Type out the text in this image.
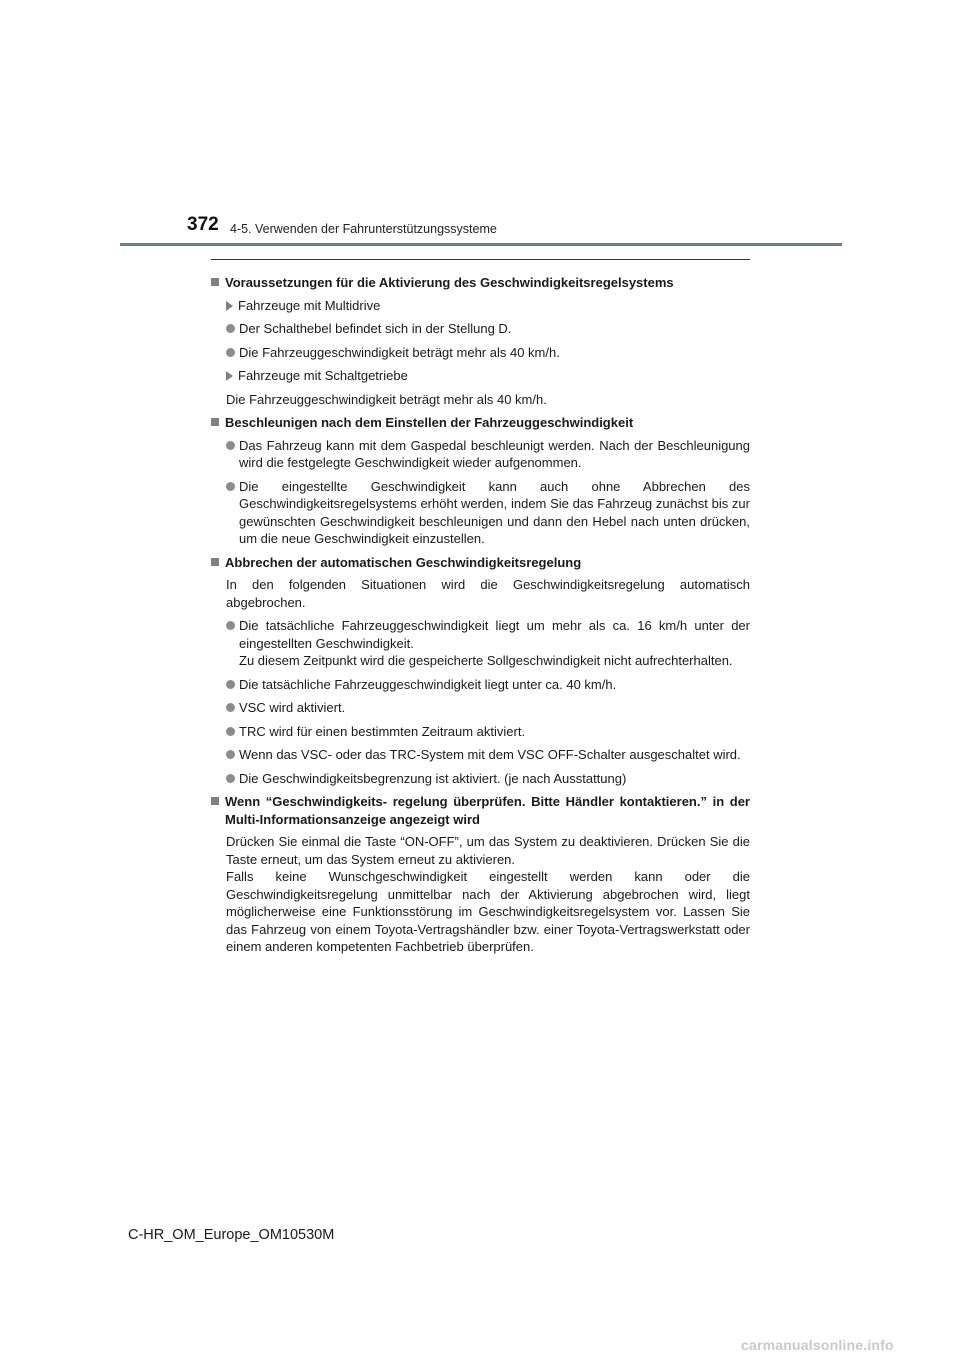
372 4-5. Verwenden der Fahrunterstützungssysteme
Voraussetzungen für die Aktivierung des Geschwindigkeitsregelsystems
Fahrzeuge mit Multidrive
Der Schalthebel befindet sich in der Stellung D.
Die Fahrzeuggeschwindigkeit beträgt mehr als 40 km/h.
Fahrzeuge mit Schaltgetriebe
Die Fahrzeuggeschwindigkeit beträgt mehr als 40 km/h.
Beschleunigen nach dem Einstellen der Fahrzeuggeschwindigkeit
Das Fahrzeug kann mit dem Gaspedal beschleunigt werden. Nach der Beschleunigung wird die festgelegte Geschwindigkeit wieder aufgenommen.
Die eingestellte Geschwindigkeit kann auch ohne Abbrechen des Geschwindigkeitsregelsystems erhöht werden, indem Sie das Fahrzeug zunächst bis zur gewünschten Geschwindigkeit beschleunigen und dann den Hebel nach unten drücken, um die neue Geschwindigkeit einzustellen.
Abbrechen der automatischen Geschwindigkeitsregelung
In den folgenden Situationen wird die Geschwindigkeitsregelung automatisch abgebrochen.
Die tatsächliche Fahrzeuggeschwindigkeit liegt um mehr als ca. 16 km/h unter der eingestellten Geschwindigkeit.
Zu diesem Zeitpunkt wird die gespeicherte Sollgeschwindigkeit nicht aufrechterhalten.
Die tatsächliche Fahrzeuggeschwindigkeit liegt unter ca. 40 km/h.
VSC wird aktiviert.
TRC wird für einen bestimmten Zeitraum aktiviert.
Wenn das VSC- oder das TRC-System mit dem VSC OFF-Schalter ausgeschaltet wird.
Die Geschwindigkeitsbegrenzung ist aktiviert. (je nach Ausstattung)
Wenn “Geschwindigkeits- regelung überprüfen. Bitte Händler kontaktieren.” in der Multi-Informationsanzeige angezeigt wird
Drücken Sie einmal die Taste “ON-OFF”, um das System zu deaktivieren. Drücken Sie die Taste erneut, um das System erneut zu aktivieren.
Falls keine Wunschgeschwindigkeit eingestellt werden kann oder die Geschwindigkeitsregelung unmittelbar nach der Aktivierung abgebrochen wird, liegt möglicherweise eine Funktionsstörung im Geschwindigkeitsregelsystem vor. Lassen Sie das Fahrzeug von einem Toyota-Vertragshändler bzw. einer Toyota-Vertragswerkstatt oder einem anderen kompetenten Fachbetrieb überprüfen.
C-HR_OM_Europe_OM10530M
carmanualsonline.info
